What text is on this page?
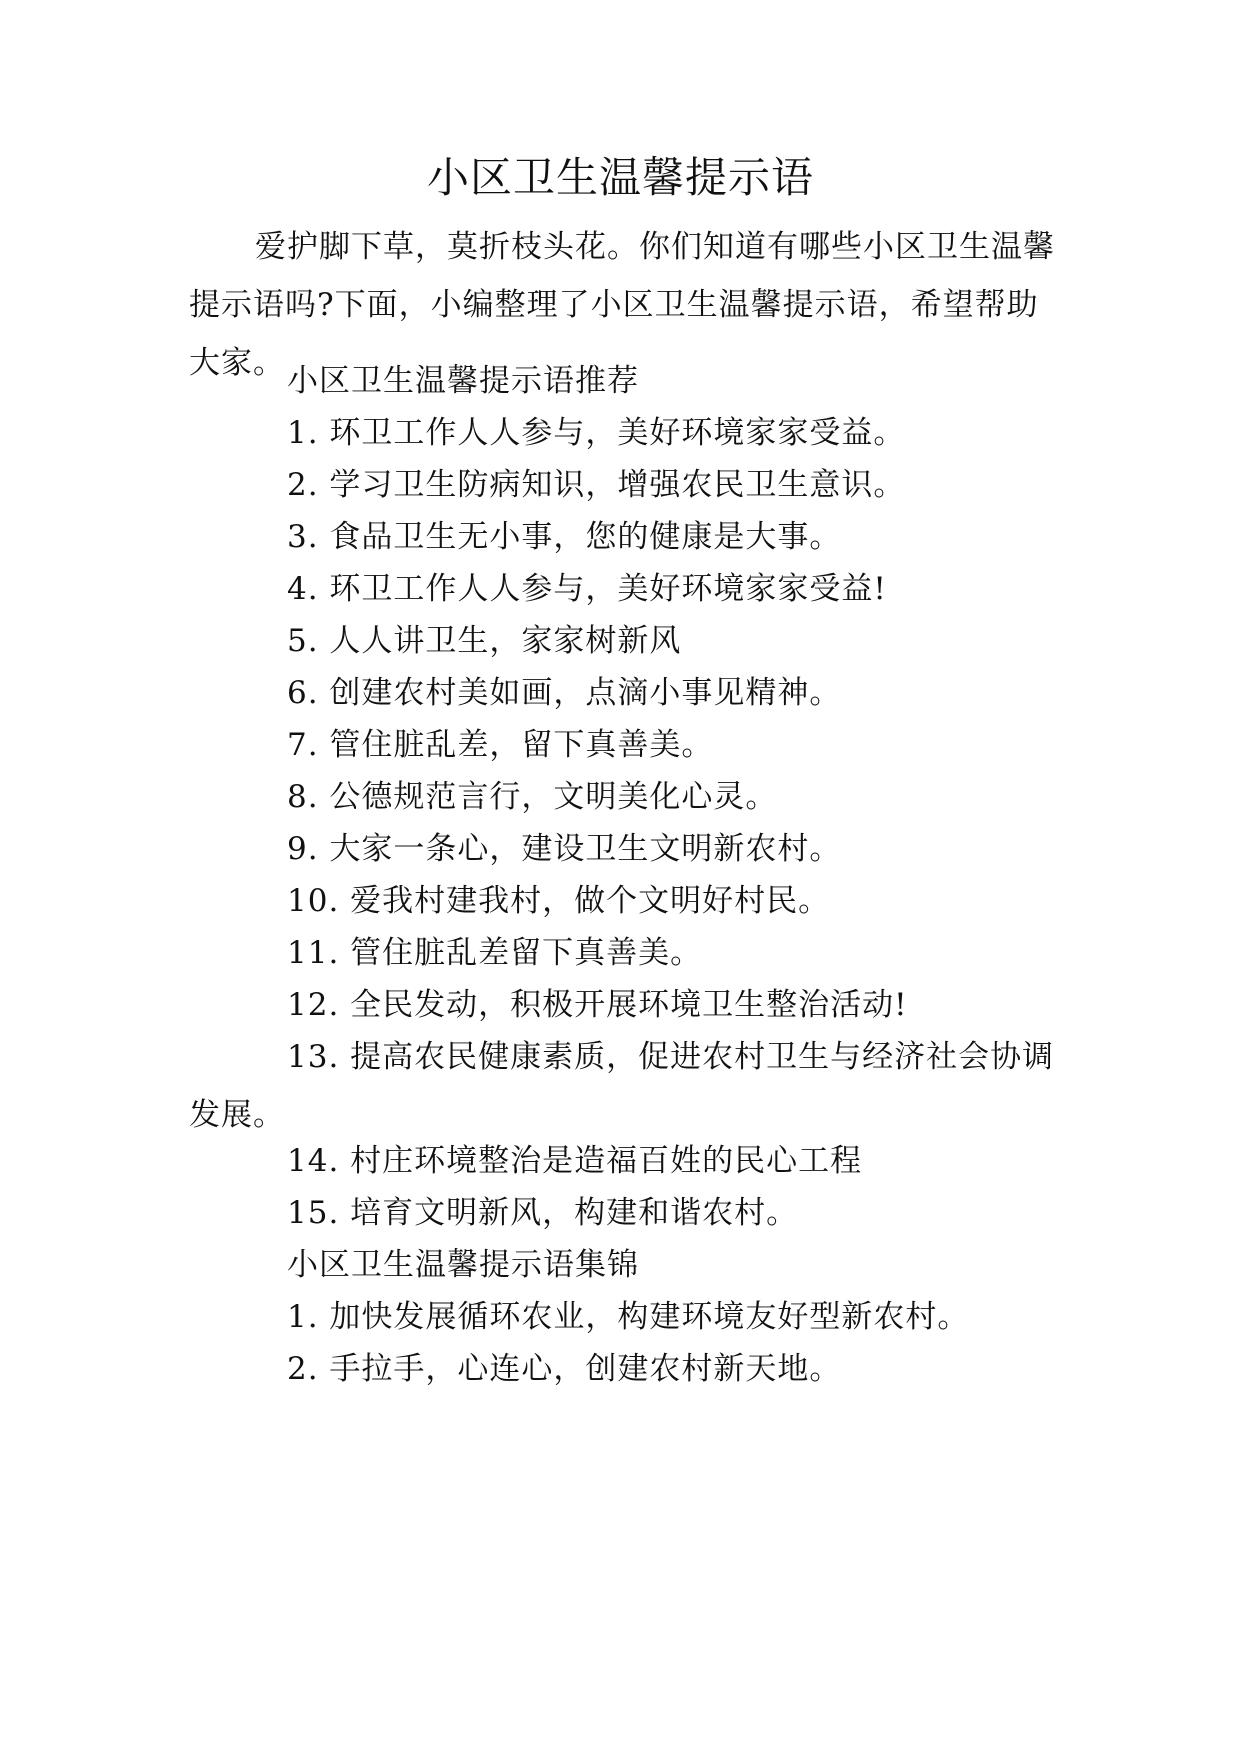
小区卫生温馨提示语

爱护脚下草，莫折枝头花。你们知道有哪些小区卫生温馨提示语吗?下面，小编整理了小区卫生温馨提示语，希望帮助大家。 小区卫生温馨提示语推荐

1. 环卫工作人人参与，美好环境家家受益。

2. 学习卫生防病知识，增强农民卫生意识。

3. 食品卫生无小事，您的健康是大事。

4. 环卫工作人人参与，美好环境家家受益!

5. 人人讲卫生，家家树新风

6. 创建农村美如画，点滴小事见精神。

7. 管住脏乱差，留下真善美。

8. 公德规范言行，文明美化心灵。

9. 大家一条心，建设卫生文明新农村。

10. 爱我村建我村，做个文明好村民。

11. 管住脏乱差留下真善美。

12. 全民发动，积极开展环境卫生整治活动!

13. 提高农民健康素质，促进农村卫生与经济社会协调发展。

14. 村庄环境整治是造福百姓的民心工程

15. 培育文明新风，构建和谐农村。

小区卫生温馨提示语集锦

1. 加快发展循环农业，构建环境友好型新农村。

2. 手拉手，心连心，创建农村新天地。
